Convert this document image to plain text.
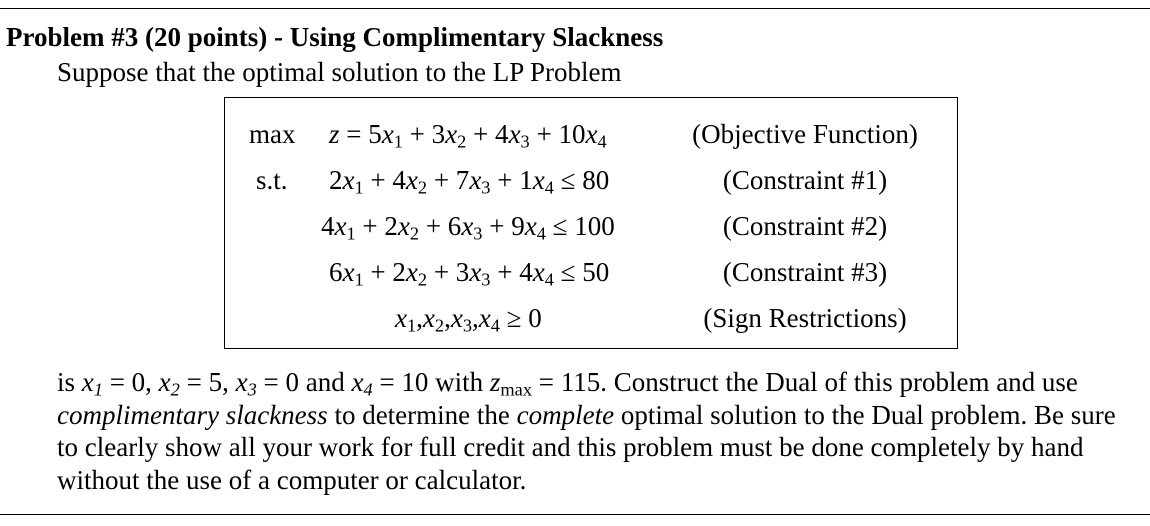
Problem #3 (20 points) - Using Complimentary Slackness
Suppose that the optimal solution to the LP Problem
$\max z = 5x_1 + 3x_2 + 4x_3 + 10x_4$	(Objective Function)
s.t. $2x_1 + 4x_2 + 7x_3 + 1x_4 \le 80$	(Constraint #1)
$4x_1 + 2x_2 + 6x_3 + 9x_4 \le 100$	(Constraint #2)
$6x_1 + 2x_2 + 3x_3 + 4x_4 \le 50$	(Constraint #3)
$x_1,x_2,x_3,x_4 \ge 0$	(Sign Restrictions)
is $x_1 = 0$, $x_2 = 5$, $x_3 = 0$ and $x_4 = 10$ with $z_{max} = 115$. Construct the Dual of this problem and use complimentary slackness to determine the complete optimal solution to the Dual problem. Be sure to clearly show all your work for full credit and this problem must be done completely by hand without the use of a computer or calculator.
